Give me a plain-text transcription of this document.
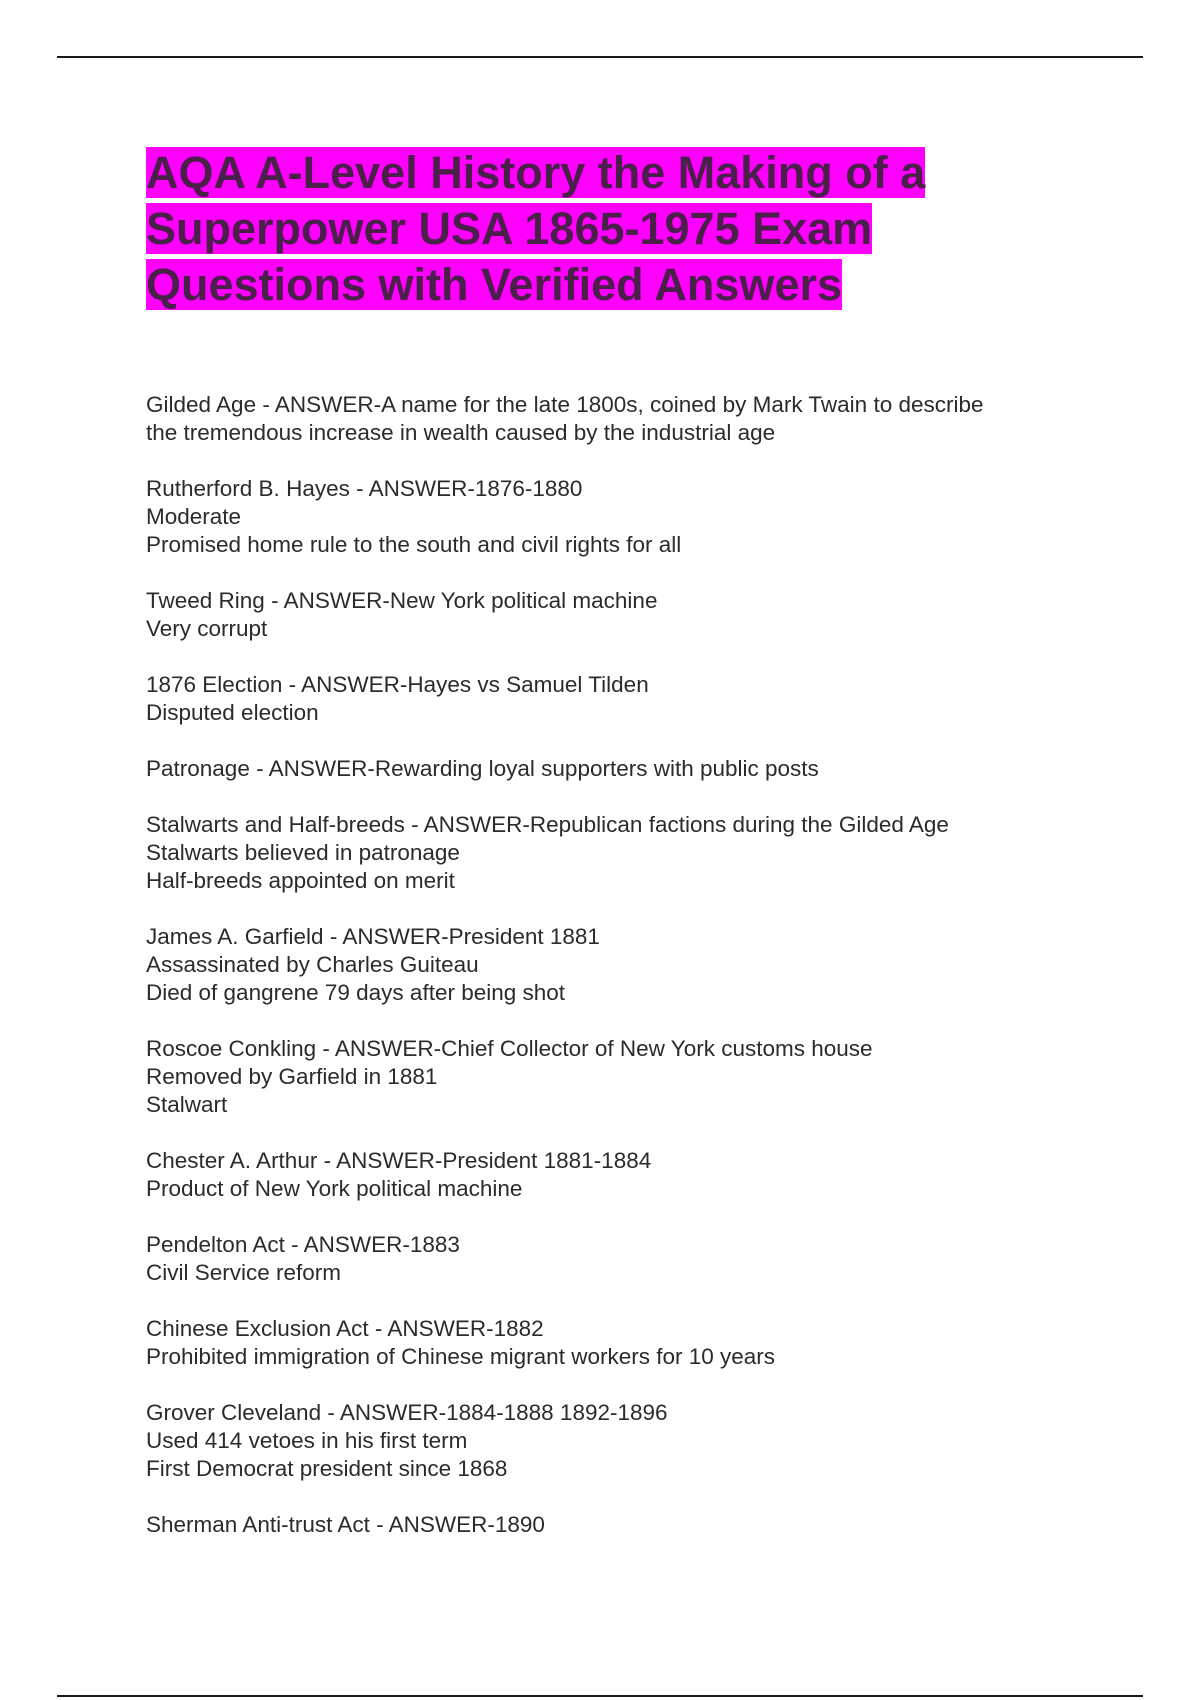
AQA A-Level History the Making of a Superpower USA 1865-1975 Exam Questions with Verified Answers
Gilded Age - ANSWER-A name for the late 1800s, coined by Mark Twain to describe
the tremendous increase in wealth caused by the industrial age
Rutherford B. Hayes - ANSWER-1876-1880
Moderate
Promised home rule to the south and civil rights for all
Tweed Ring - ANSWER-New York political machine
Very corrupt
1876 Election - ANSWER-Hayes vs Samuel Tilden
Disputed election
Patronage - ANSWER-Rewarding loyal supporters with public posts
Stalwarts and Half-breeds - ANSWER-Republican factions during the Gilded Age
Stalwarts believed in patronage
Half-breeds appointed on merit
James A. Garfield - ANSWER-President 1881
Assassinated by Charles Guiteau
Died of gangrene 79 days after being shot
Roscoe Conkling - ANSWER-Chief Collector of New York customs house
Removed by Garfield in 1881
Stalwart
Chester A. Arthur - ANSWER-President 1881-1884
Product of New York political machine
Pendelton Act - ANSWER-1883
Civil Service reform
Chinese Exclusion Act - ANSWER-1882
Prohibited immigration of Chinese migrant workers for 10 years
Grover Cleveland - ANSWER-1884-1888 1892-1896
Used 414 vetoes in his first term
First Democrat president since 1868
Sherman Anti-trust Act - ANSWER-1890
